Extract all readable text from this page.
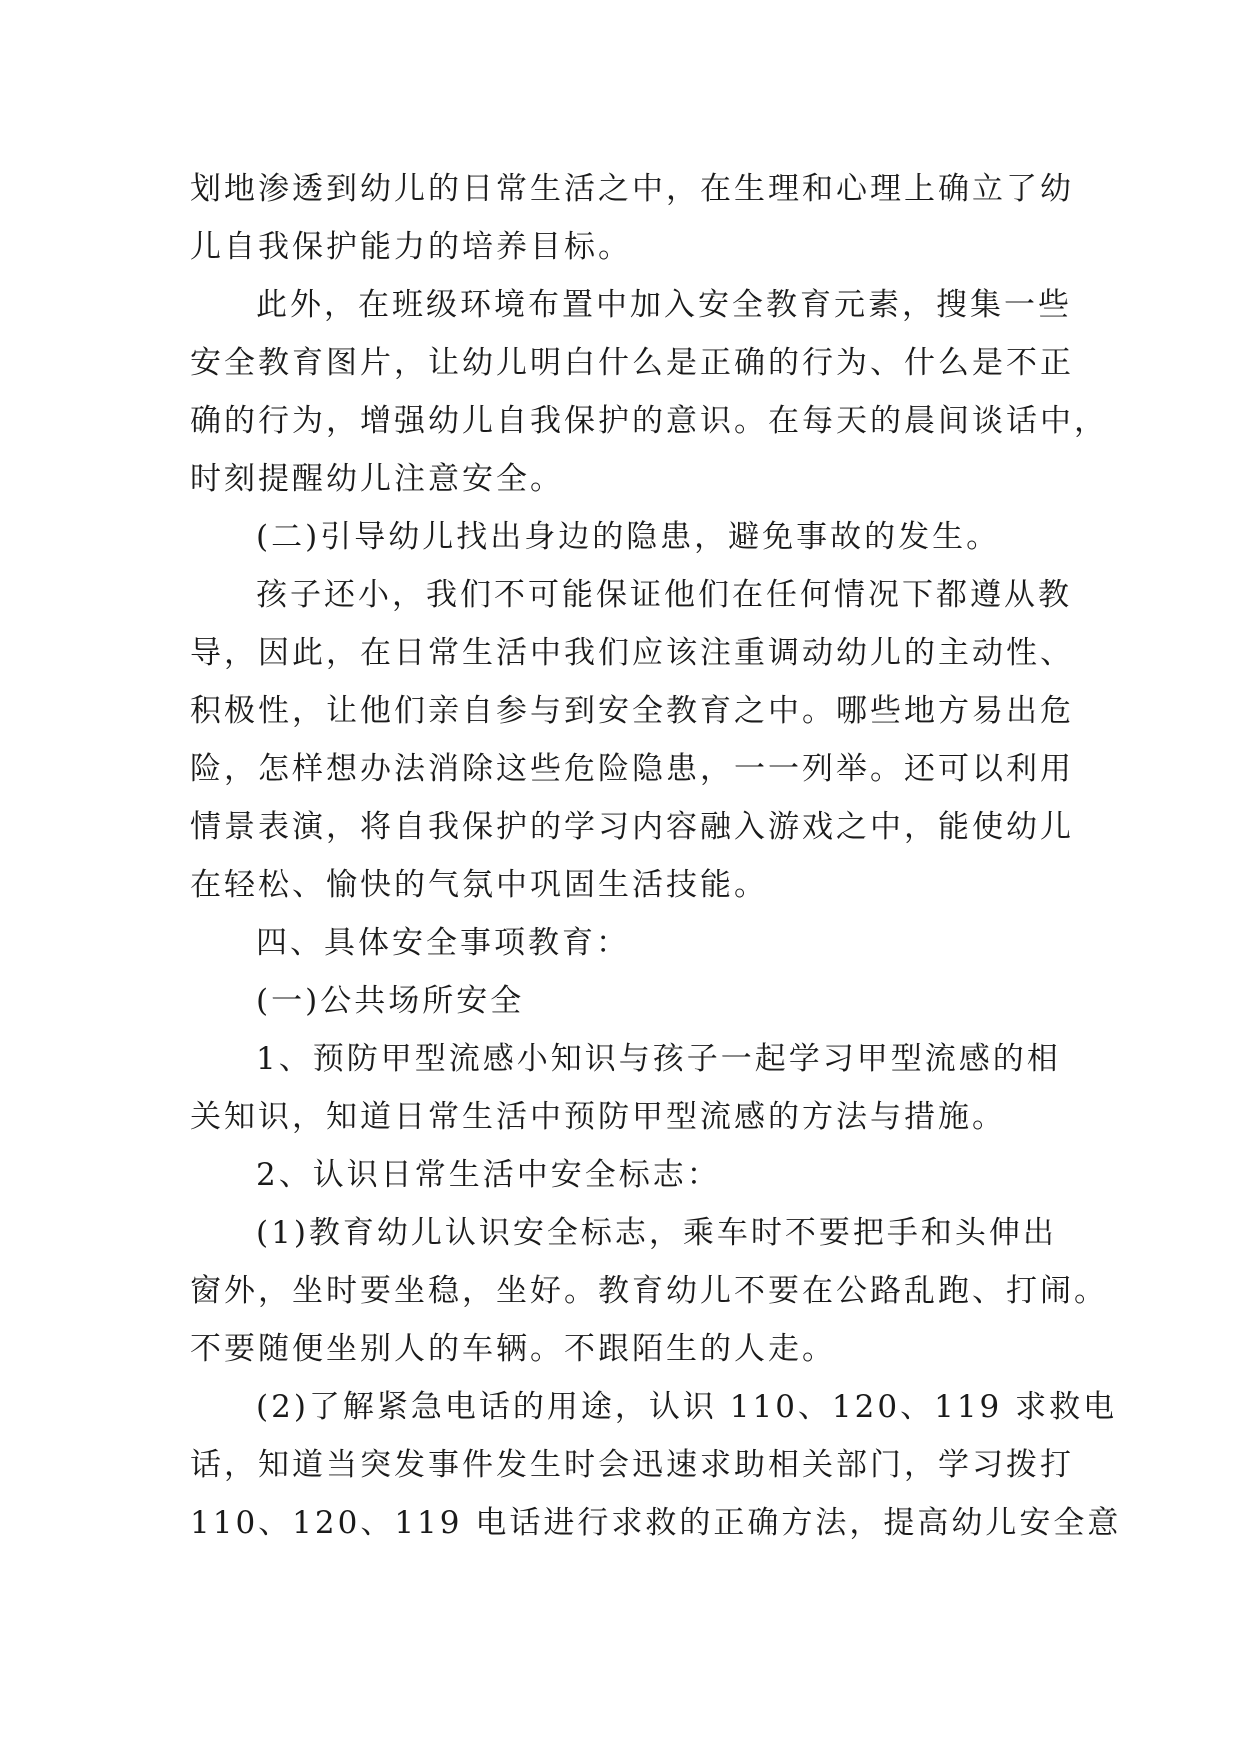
划地渗透到幼儿的日常生活之中，在生理和心理上确立了幼
儿自我保护能力的培养目标。
此外，在班级环境布置中加入安全教育元素，搜集一些
安全教育图片，让幼儿明白什么是正确的行为、什么是不正
确的行为，增强幼儿自我保护的意识。在每天的晨间谈话中，
时刻提醒幼儿注意安全。
(二)引导幼儿找出身边的隐患，避免事故的发生。
孩子还小，我们不可能保证他们在任何情况下都遵从教
导，因此，在日常生活中我们应该注重调动幼儿的主动性、
积极性，让他们亲自参与到安全教育之中。哪些地方易出危
险，怎样想办法消除这些危险隐患，一一列举。还可以利用
情景表演，将自我保护的学习内容融入游戏之中，能使幼儿
在轻松、愉快的气氛中巩固生活技能。
四、具体安全事项教育：
(一)公共场所安全
1、预防甲型流感小知识与孩子一起学习甲型流感的相
关知识，知道日常生活中预防甲型流感的方法与措施。
2、认识日常生活中安全标志：
(1)教育幼儿认识安全标志，乘车时不要把手和头伸出
窗外，坐时要坐稳，坐好。教育幼儿不要在公路乱跑、打闹。
不要随便坐别人的车辆。不跟陌生的人走。
(2)了解紧急电话的用途，认识 110、120、119 求救电
话，知道当突发事件发生时会迅速求助相关部门，学习拨打
110、120、119 电话进行求救的正确方法，提高幼儿安全意
